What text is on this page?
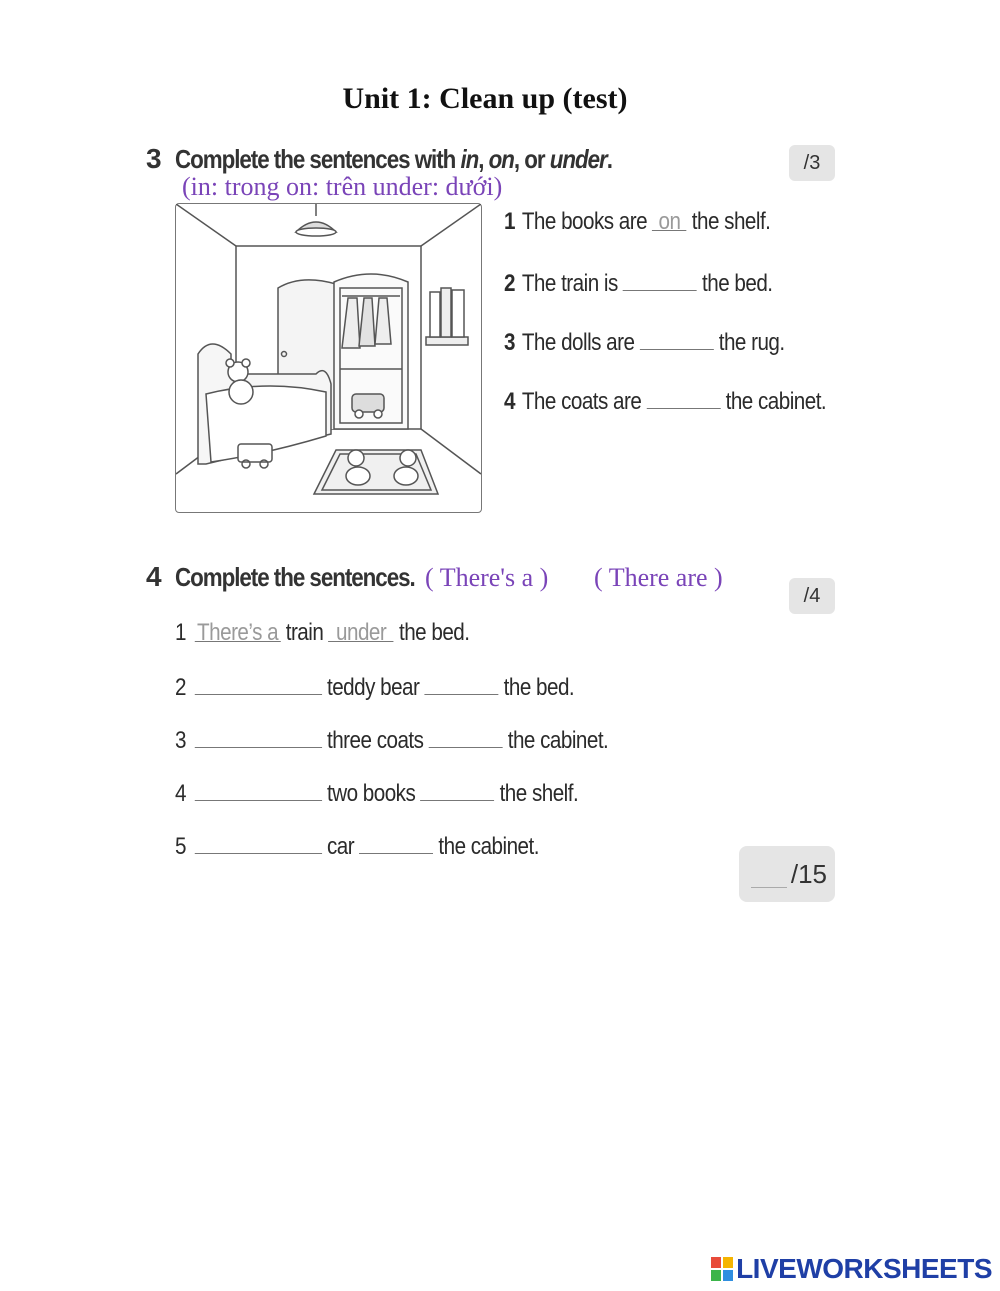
Unit 1: Clean up (test)
3 Complete the sentences with in, on, or under.
(in: trong on: trên under: dưới)
/3
1 The books are on the shelf.
2 The train is	the bed.
3 The dolls are	the rug.
4 The coats are	the cabinet.
4 Complete the sentences. ( There's a ) ( There are )
/4
1 There’s a train under the bed.
2	teddy bear	the bed.
3	three coats	the cabinet.
4	two books	the shelf.
5	car	the cabinet.
/15
LIVEWORKSHEETS
